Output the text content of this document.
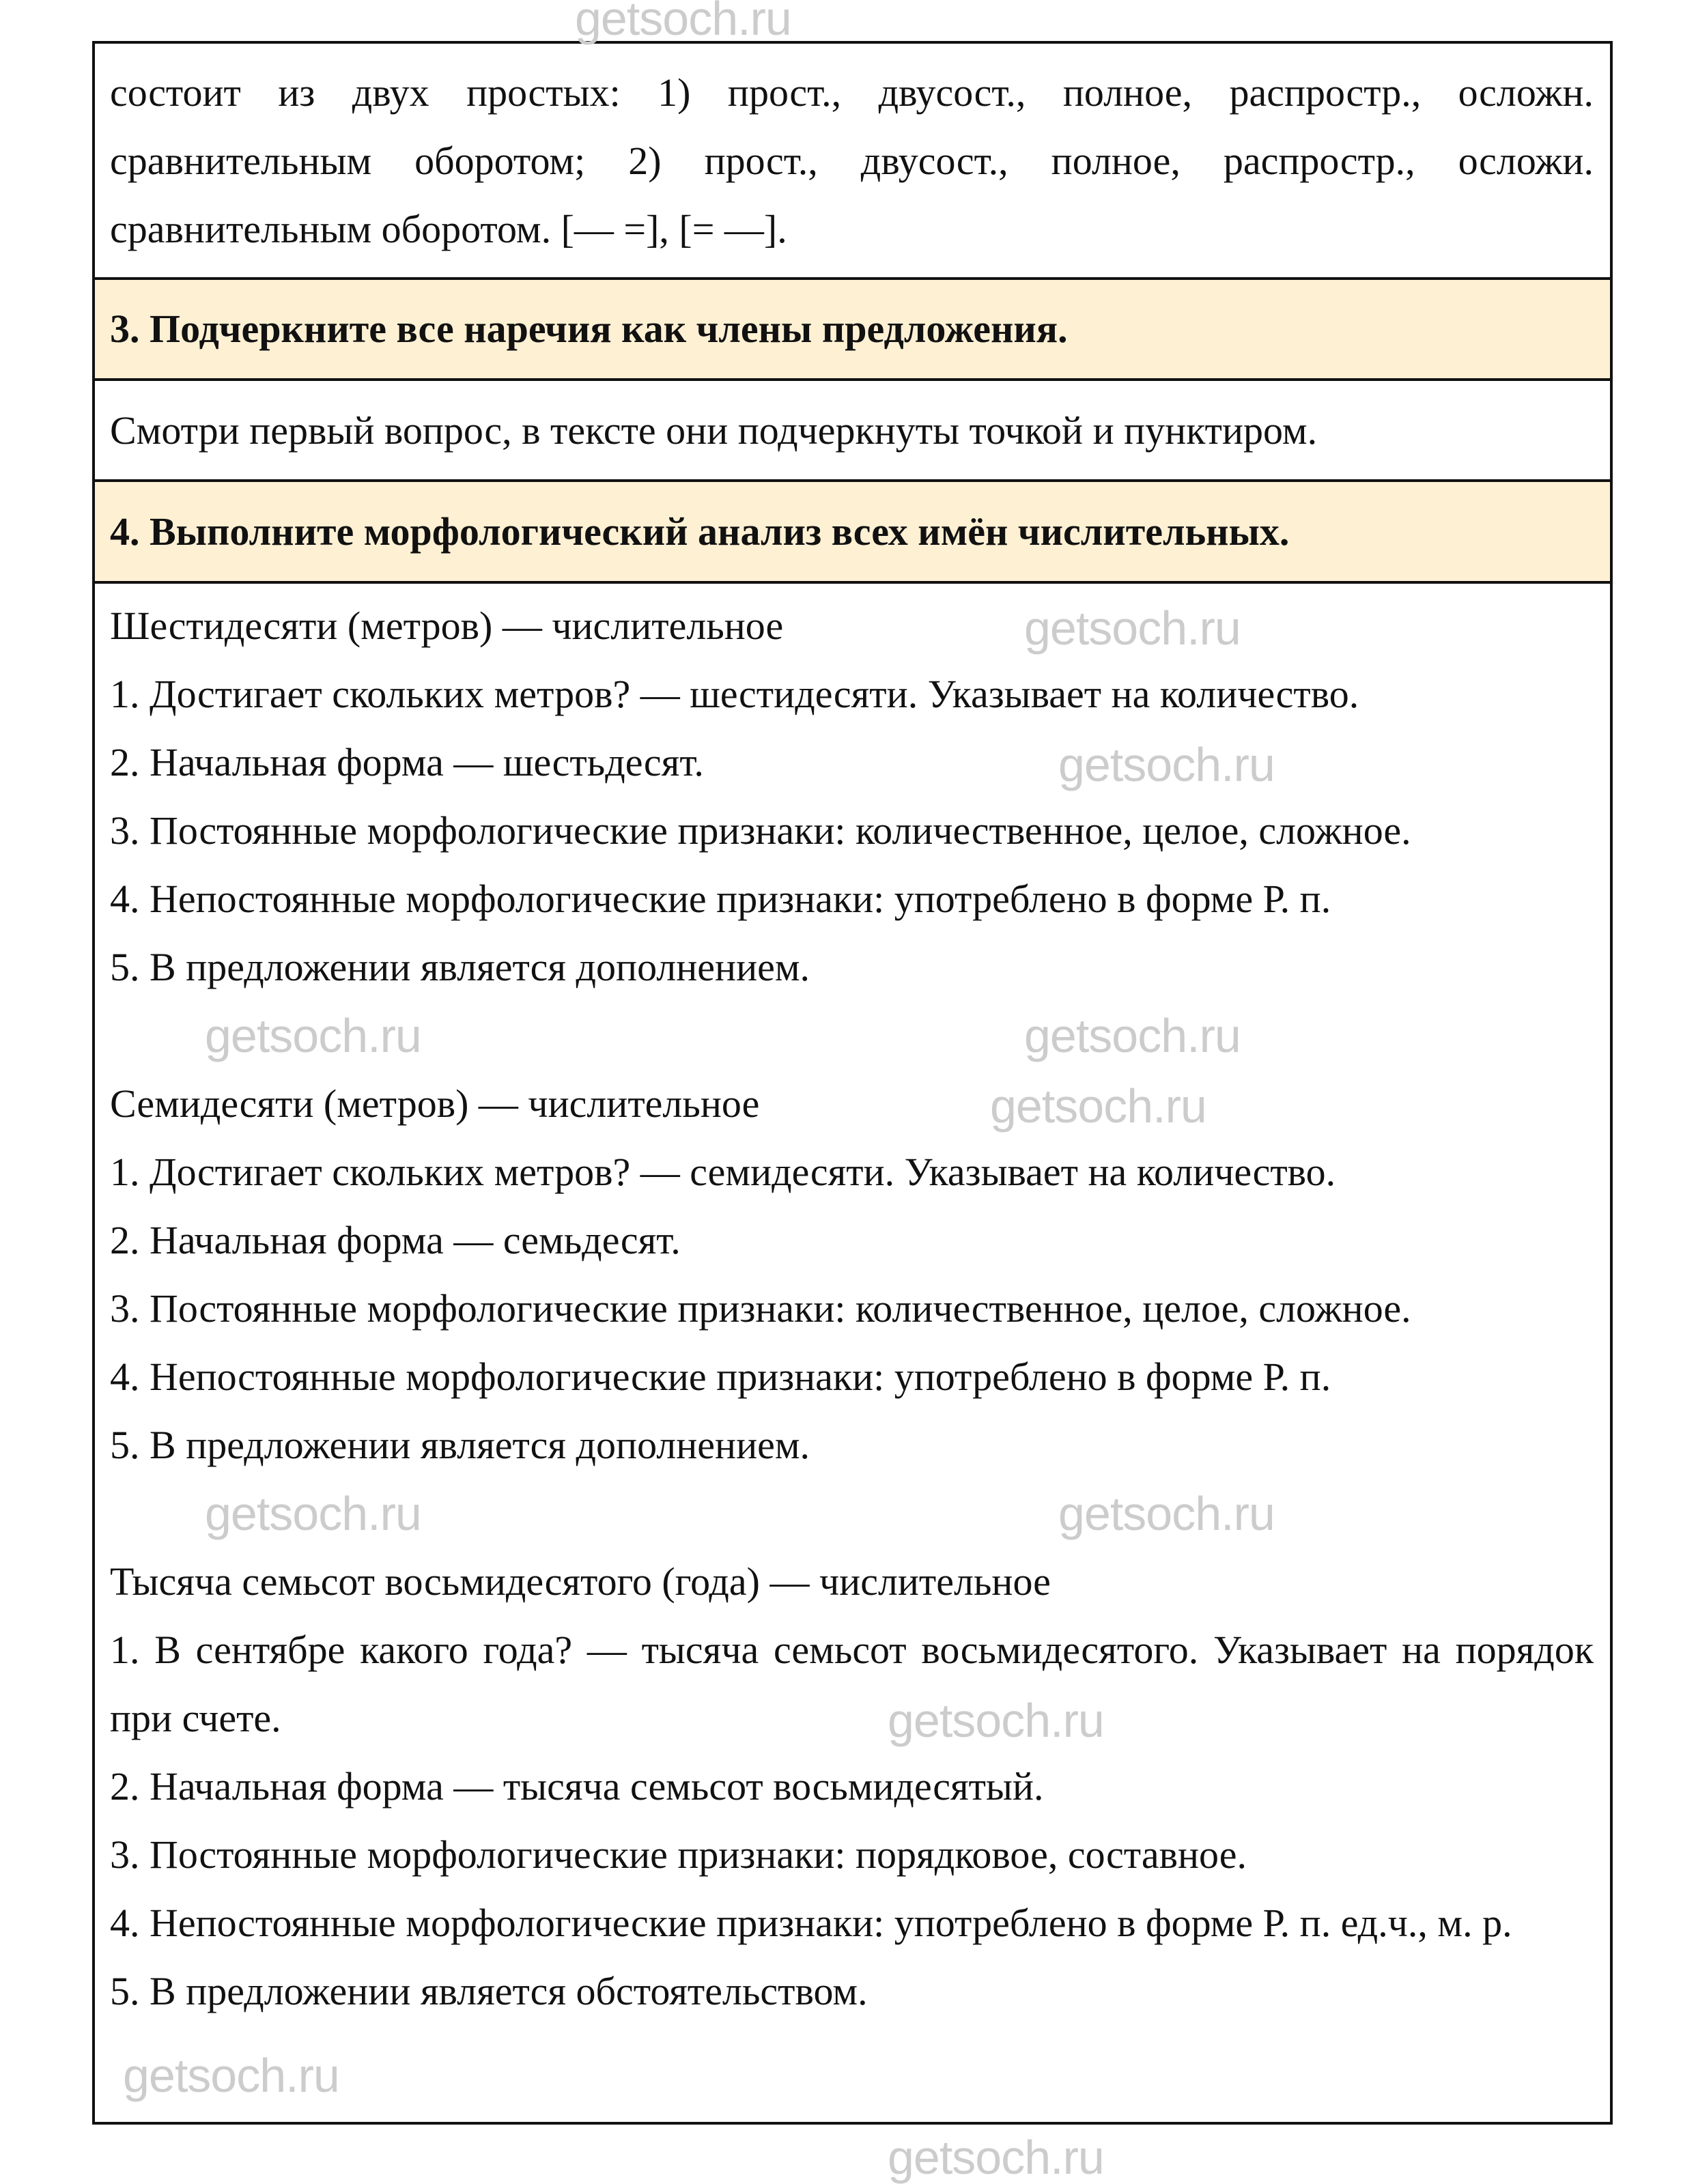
состоит из двух простых: 1) прост., двусост., полное, распростр., осложн.
сравнительным оборотом; 2) прост., двусост., полное, распростр., осложи.
сравнительным оборотом. [— =], [= —].
3. Подчеркните все наречия как члены предложения.
Смотри первый вопрос, в тексте они подчеркнуты точкой и пунктиром.
4. Выполните морфологический анализ всех имён числительных.
Шестидесяти (метров) — числительное
1. Достигает скольких метров? — шестидесяти. Указывает на количество.
2. Начальная форма — шестьдесят.
3. Постоянные морфологические признаки: количественное, целое, сложное.
4. Непостоянные морфологические признаки: употреблено в форме Р. п.
5. В предложении является дополнением.
Семидесяти (метров) — числительное
1. Достигает скольких метров? — семидесяти. Указывает на количество.
2. Начальная форма — семьдесят.
3. Постоянные морфологические признаки: количественное, целое, сложное.
4. Непостоянные морфологические признаки: употреблено в форме Р. п.
5. В предложении является дополнением.
Тысяча семьсот восьмидесятого (года) — числительное
1. В сентябре какого года? — тысяча семьсот восьмидесятого. Указывает на порядок
при счете.
2. Начальная форма — тысяча семьсот восьмидесятый.
3. Постоянные морфологические признаки: порядковое, составное.
4. Непостоянные морфологические признаки: употреблено в форме Р. п. ед.ч., м. р.
5. В предложении является обстоятельством.
getsoch.ru
getsoch.ru
getsoch.ru
getsoch.ru	getsoch.ru
getsoch.ru
getsoch.ru	getsoch.ru
getsoch.ru
getsoch.ru
getsoch.ru
